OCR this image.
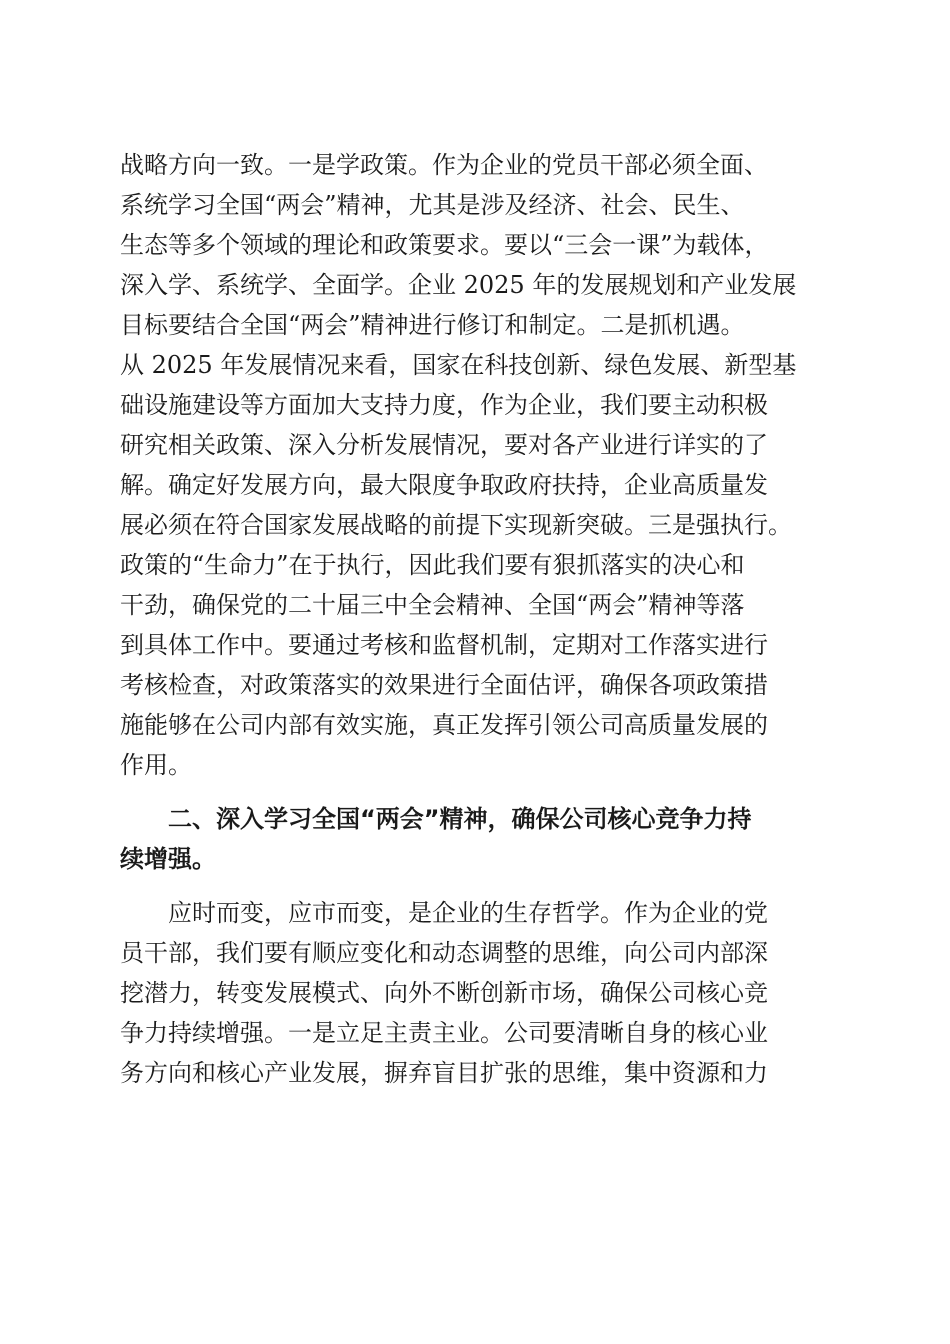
战略方向一致。一是学政策。作为企业的党员干部必须全面、
系统学习全国“两会”精神，尤其是涉及经济、社会、民生、
生态等多个领域的理论和政策要求。要以“三会一课”为载体，
深入学、系统学、全面学。企业 2025 年的发展规划和产业发展
目标要结合全国“两会”精神进行修订和制定。二是抓机遇。
从 2025 年发展情况来看，国家在科技创新、绿色发展、新型基
础设施建设等方面加大支持力度，作为企业，我们要主动积极
研究相关政策、深入分析发展情况，要对各产业进行详实的了
解。确定好发展方向，最大限度争取政府扶持，企业高质量发
展必须在符合国家发展战略的前提下实现新突破。三是强执行。
政策的“生命力”在于执行，因此我们要有狠抓落实的决心和
干劲，确保党的二十届三中全会精神、全国“两会”精神等落
到具体工作中。要通过考核和监督机制，定期对工作落实进行
考核检查，对政策落实的效果进行全面估评，确保各项政策措
施能够在公司内部有效实施，真正发挥引领公司高质量发展的
作用。
二、深入学习全国“两会”精神，确保公司核心竞争力持
续增强。
应时而变，应市而变，是企业的生存哲学。作为企业的党
员干部，我们要有顺应变化和动态调整的思维，向公司内部深
挖潜力，转变发展模式、向外不断创新市场，确保公司核心竞
争力持续增强。一是立足主责主业。公司要清晰自身的核心业
务方向和核心产业发展，摒弃盲目扩张的思维，集中资源和力
